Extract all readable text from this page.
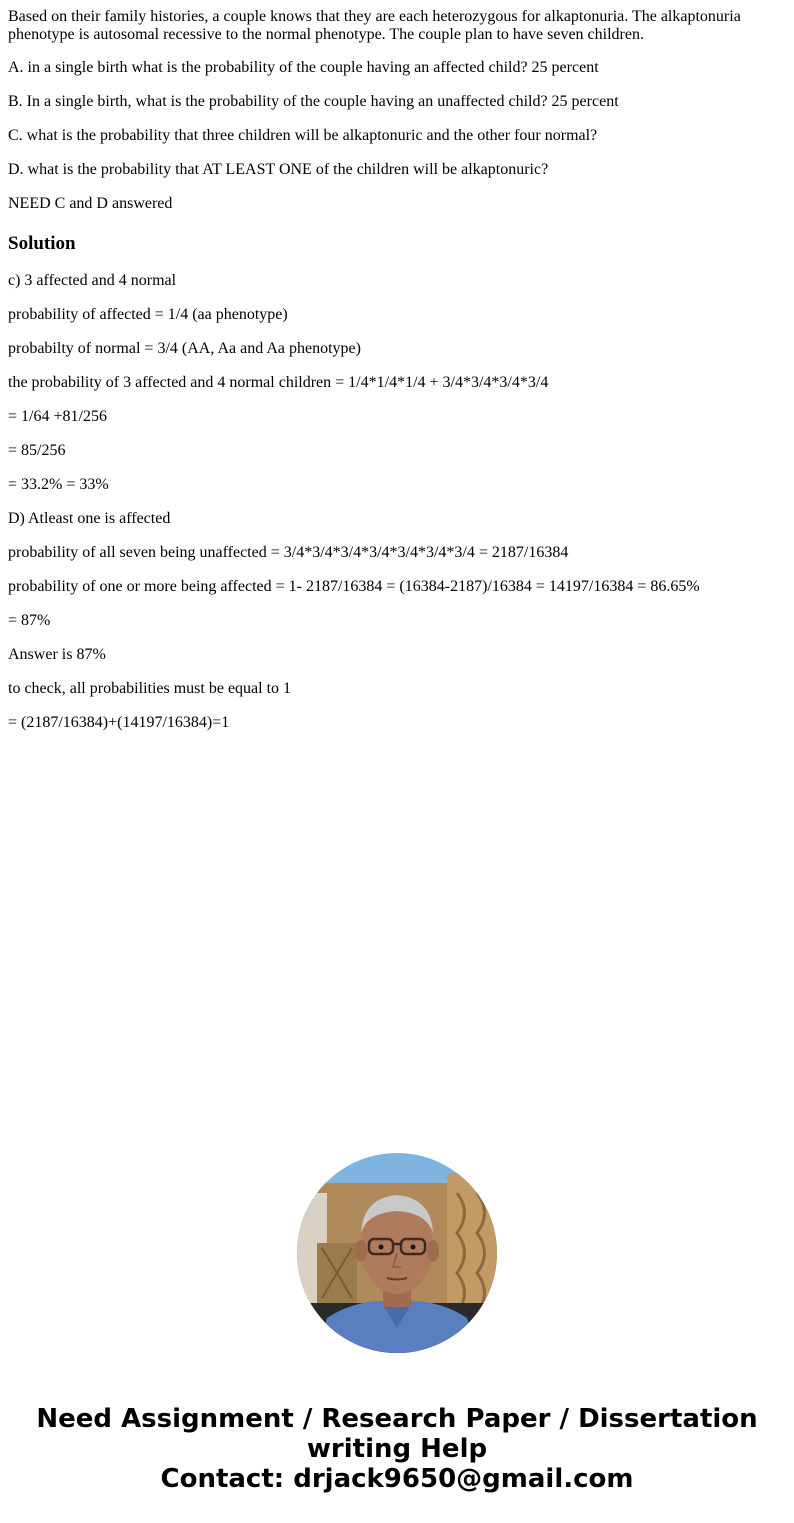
Based on their family histories, a couple knows that they are each heterozygous for alkaptonuria. The alkaptonuria phenotype is autosomal recessive to the normal phenotype. The couple plan to have seven children.

A. in a single birth what is the probability of the couple having an affected child? 25 percent

B. In a single birth, what is the probability of the couple having an unaffected child? 25 percent

C. what is the probability that three children will be alkaptonuric and the other four normal?

D. what is the probability that AT LEAST ONE of the children will be alkaptonuric?

NEED C and D answered

Solution

c) 3 affected and 4 normal

probability of affected = 1/4 (aa phenotype)

probabilty of normal = 3/4 (AA, Aa and Aa phenotype)

the probability of 3 affected and 4 normal children = 1/4*1/4*1/4 + 3/4*3/4*3/4*3/4

= 1/64 +81/256

= 85/256

= 33.2% = 33%

D) Atleast one is affected

probability of all seven being unaffected = 3/4*3/4*3/4*3/4*3/4*3/4*3/4 = 2187/16384

probability of one or more being affected = 1- 2187/16384 = (16384-2187)/16384 = 14197/16384 = 86.65%

= 87%

Answer is 87%

to check, all probabilities must be equal to 1

= (2187/16384)+(14197/16384)=1

Need Assignment / Research Paper / Dissertation
writing Help
Contact: drjack9650@gmail.com
